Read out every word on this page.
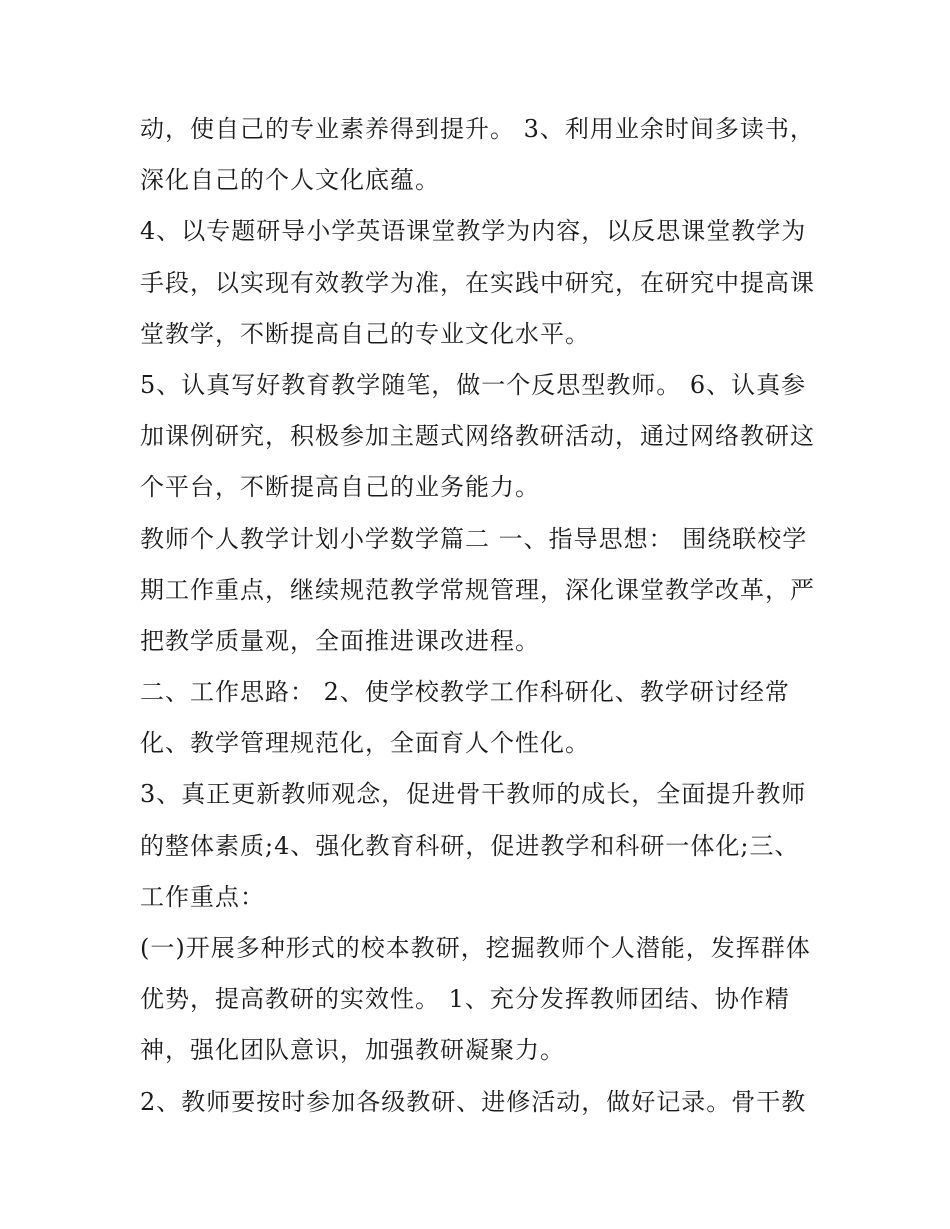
动，使自己的专业素养得到提升。 3、利用业余时间多读书，
深化自己的个人文化底蕴。
4、以专题研导小学英语课堂教学为内容，以反思课堂教学为
手段，以实现有效教学为准，在实践中研究，在研究中提高课
堂教学，不断提高自己的专业文化水平。
5、认真写好教育教学随笔，做一个反思型教师。 6、认真参
加课例研究，积极参加主题式网络教研活动，通过网络教研这
个平台，不断提高自己的业务能力。
教师个人教学计划小学数学篇二 一、指导思想： 围绕联校学
期工作重点，继续规范教学常规管理，深化课堂教学改革，严
把教学质量观，全面推进课改进程。
二、工作思路： 2、使学校教学工作科研化、教学研讨经常
化、教学管理规范化，全面育人个性化。
3、真正更新教师观念，促进骨干教师的成长，全面提升教师
的整体素质;4、强化教育科研，促进教学和科研一体化;三、
工作重点：
(一)开展多种形式的校本教研，挖掘教师个人潜能，发挥群体
优势，提高教研的实效性。 1、充分发挥教师团结、协作精
神，强化团队意识，加强教研凝聚力。
2、教师要按时参加各级教研、进修活动，做好记录。骨干教
